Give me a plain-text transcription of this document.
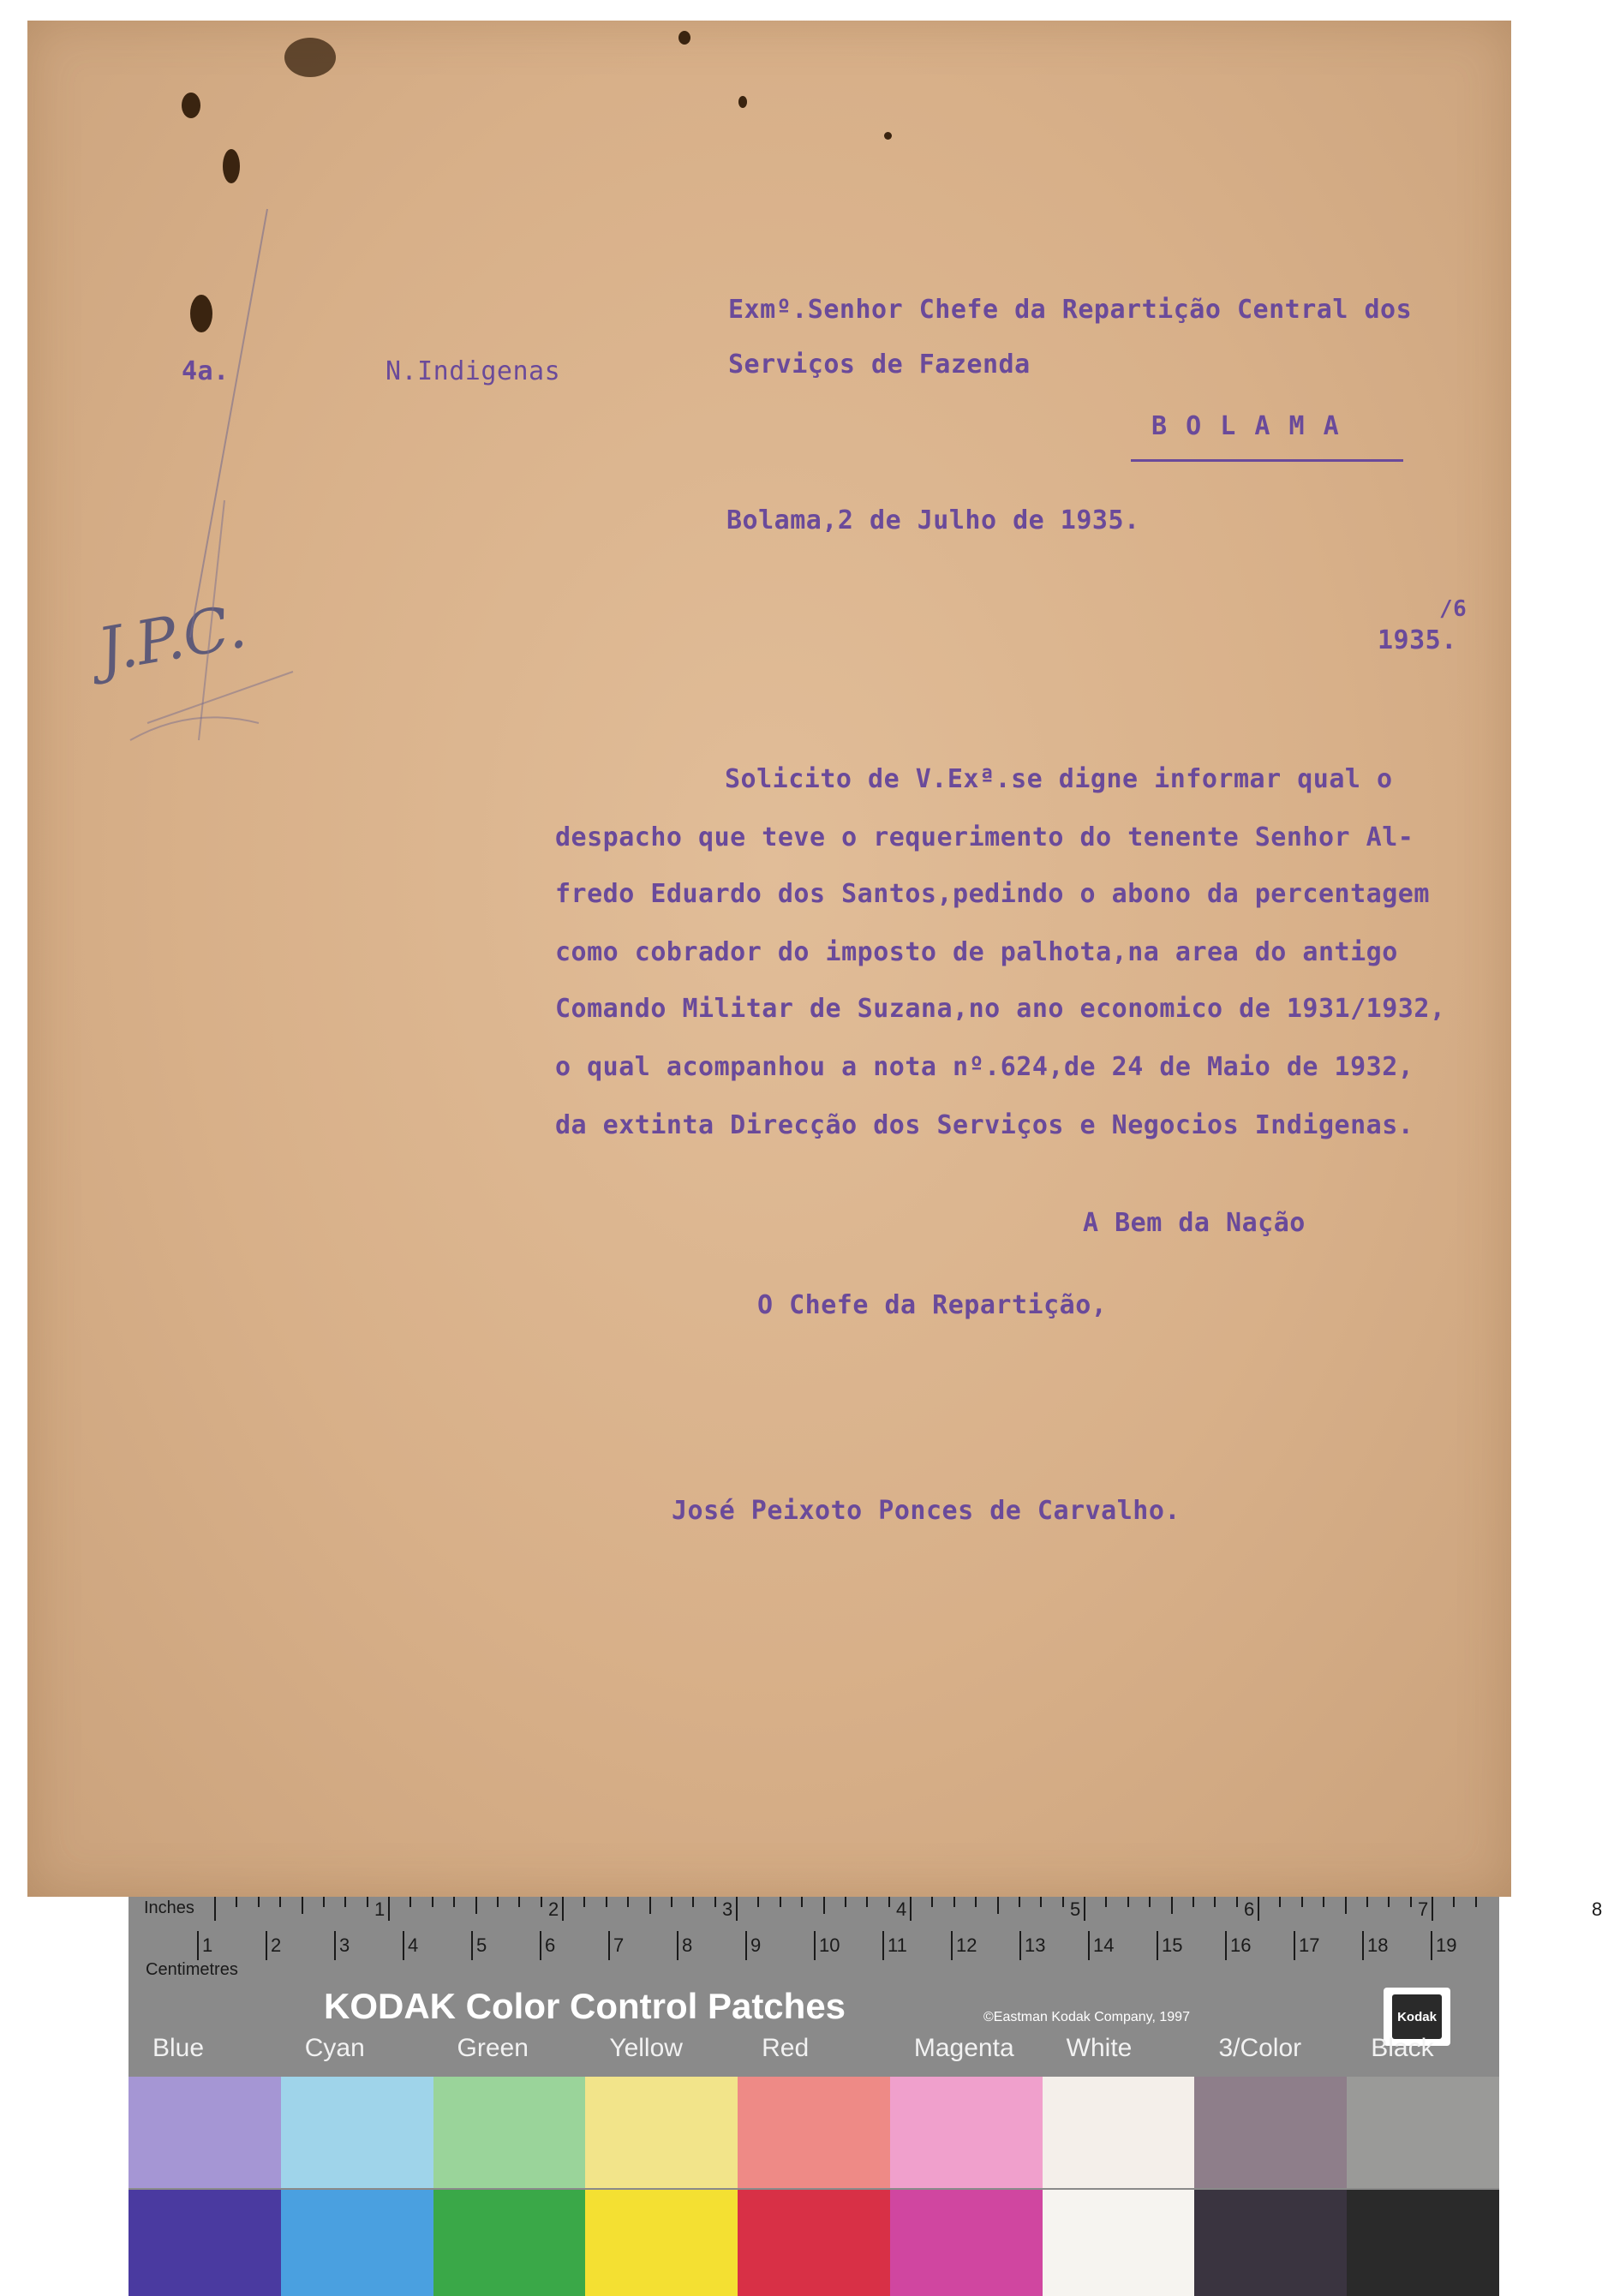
4a.	N.Indigenas
Exmº.Senhor Chefe da Repartição Central dos
Serviços de Fazenda
B O L A M A
Bolama,2 de Julho de 1935.
/6
1935.
Solicito de V.Exª.se digne informar qual o
despacho que teve o requerimento do tenente Senhor Al-
fredo Eduardo dos Santos,pedindo o abono da percentagem
como cobrador do imposto de palhota,na area do antigo
Comando Militar de Suzana,no ano economico de 1931/1932,
o qual acompanhou a nota nº.624,de 24 de Maio de 1932,
da extinta Direcção dos Serviços e Negocios Indigenas.
A Bem da Nação
O Chefe da Repartição,
José Peixoto Ponces de Carvalho.
J.P.C.
Inches
Centimetres
1	2	3	4	5	6	7	8
1	2	3	4	5	6	7	8	9	10	11	12	13	14	15	16	17	18	19
KODAK Color Control Patches	©Eastman Kodak Company, 1997	Kodak
Blue	Cyan	Green	Yellow	Red	Magenta White	3/Color	Black
